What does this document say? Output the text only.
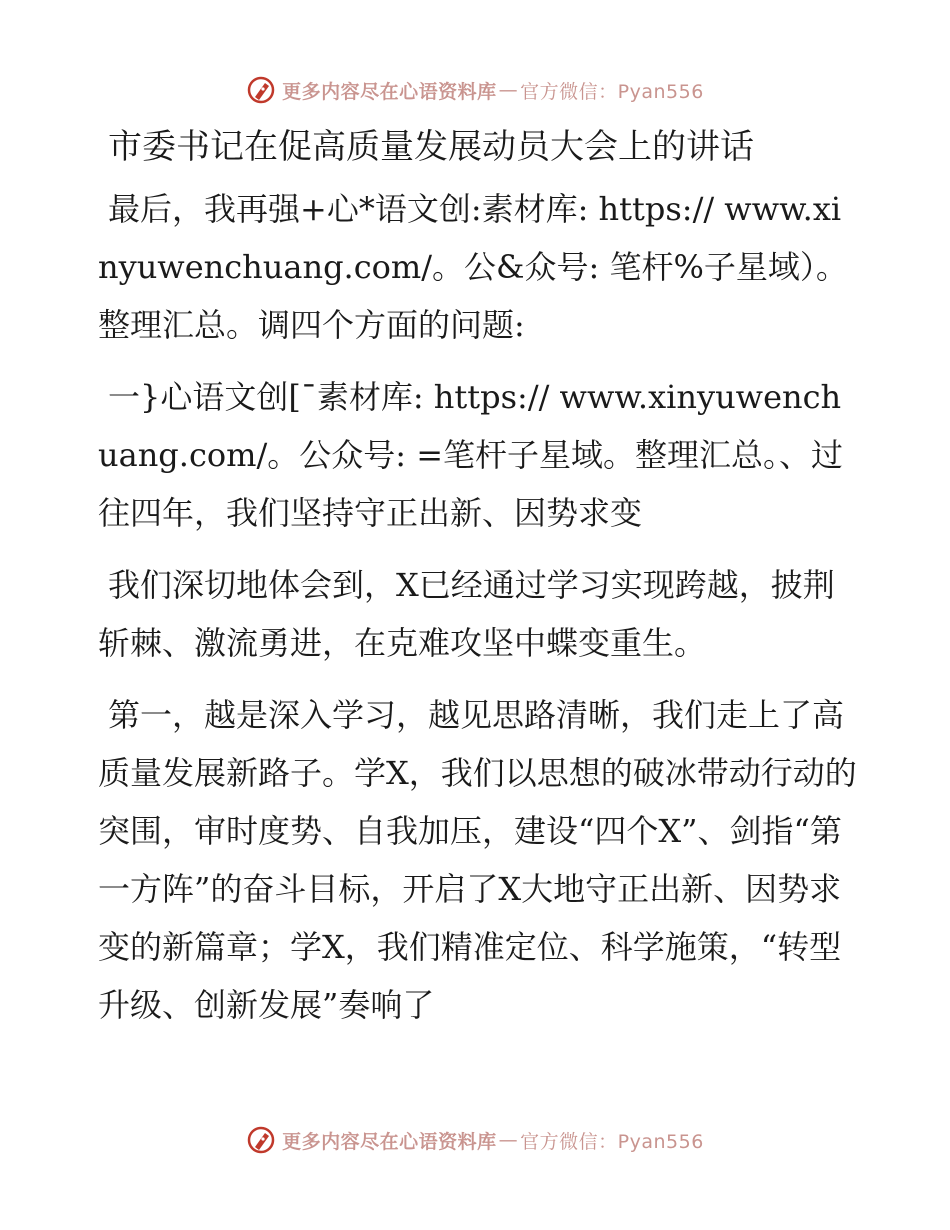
更多内容尽在心语资料库 — 官方微信：Pyan556
市委书记在促高质量发展动员大会上的讲话

最后，我再强+心*语文创:素材库: https:// www.xinyuwenchuang.com/。公&众号: 笔杆%子星域）。整理汇总。调四个方面的问题:

一}心语文创[¯素材库: https:// www.xinyuwenchuang.com/。公众号: =笔杆子星域。整理汇总。、过往四年，我们坚持守正出新、因势求变

我们深切地体会到，X已经通过学习实现跨越，披荆斩棘、激流勇进，在克难攻坚中蝶变重生。

第一，越是深入学习，越见思路清晰，我们走上了高质量发展新路子。学X，我们以思想的破冰带动行动的突围，审时度势、自我加压，建设“四个X”、剑指“第一方阵”的奋斗目标，开启了X大地守正出新、因势求变的新篇章；学X，我们精准定位、科学施策，“转型升级、创新发展”奏响了

更多内容尽在心语资料库 — 官方微信：Pyan556
